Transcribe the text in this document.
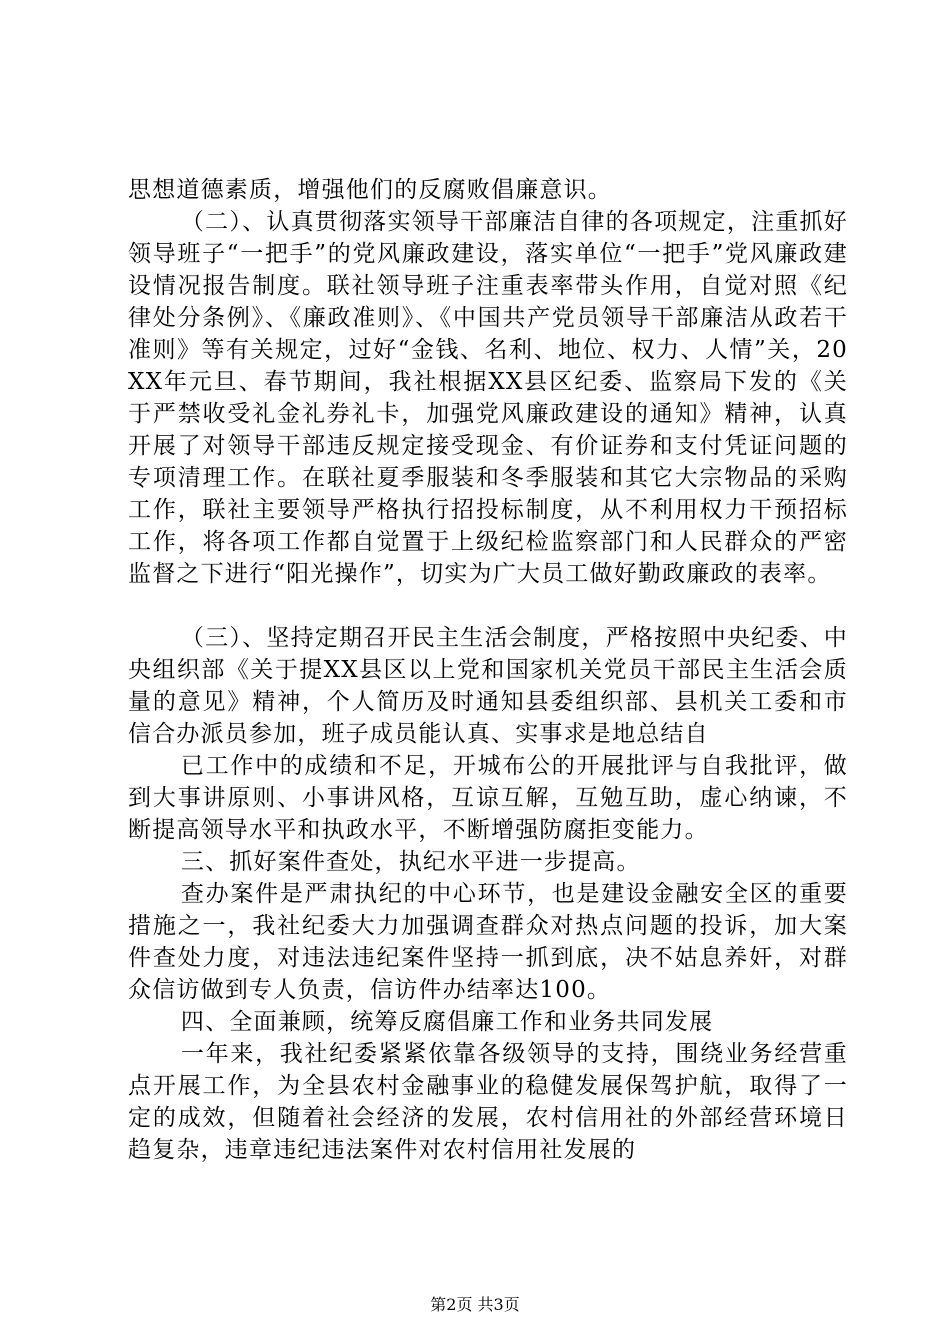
思想道德素质，增强他们的反腐败倡廉意识。

（二）、认真贯彻落实领导干部廉洁自律的各项规定，注重抓好领导班子“一把手”的党风廉政建设，落实单位“一把手”党风廉政建设情况报告制度。联社领导班子注重表率带头作用，自觉对照《纪律处分条例》、《廉政准则》、《中国共产党员领导干部廉洁从政若干准则》等有关规定，过好“金钱、名利、地位、权力、人情”关，20XX年元旦、春节期间，我社根据XX县区纪委、监察局下发的《关于严禁收受礼金礼券礼卡，加强党风廉政建设的通知》精神，认真开展了对领导干部违反规定接受现金、有价证券和支付凭证问题的专项清理工作。在联社夏季服装和冬季服装和其它大宗物品的采购工作，联社主要领导严格执行招投标制度，从不利用权力干预招标工作，将各项工作都自觉置于上级纪检监察部门和人民群众的严密监督之下进行“阳光操作”，切实为广大员工做好勤政廉政的表率。

（三）、坚持定期召开民主生活会制度，严格按照中央纪委、中央组织部《关于提XX县区以上党和国家机关党员干部民主生活会质量的意见》精神，个人简历及时通知县委组织部、县机关工委和市信合办派员参加，班子成员能认真、实事求是地总结自

已工作中的成绩和不足，开城布公的开展批评与自我批评，做到大事讲原则、小事讲风格，互谅互解，互勉互助，虚心纳谏，不断提高领导水平和执政水平，不断增强防腐拒变能力。

三、抓好案件查处，执纪水平进一步提高。

查办案件是严肃执纪的中心环节，也是建设金融安全区的重要措施之一，我社纪委大力加强调查群众对热点问题的投诉，加大案件查处力度，对违法违纪案件坚持一抓到底，决不姑息养奸，对群众信访做到专人负责，信访件办结率达100。

四、全面兼顾，统筹反腐倡廉工作和业务共同发展

一年来，我社纪委紧紧依靠各级领导的支持，围绕业务经营重点开展工作，为全县农村金融事业的稳健发展保驾护航，取得了一定的成效，但随着社会经济的发展，农村信用社的外部经营环境日趋复杂，违章违纪违法案件对农村信用社发展的

第2页 共3页
